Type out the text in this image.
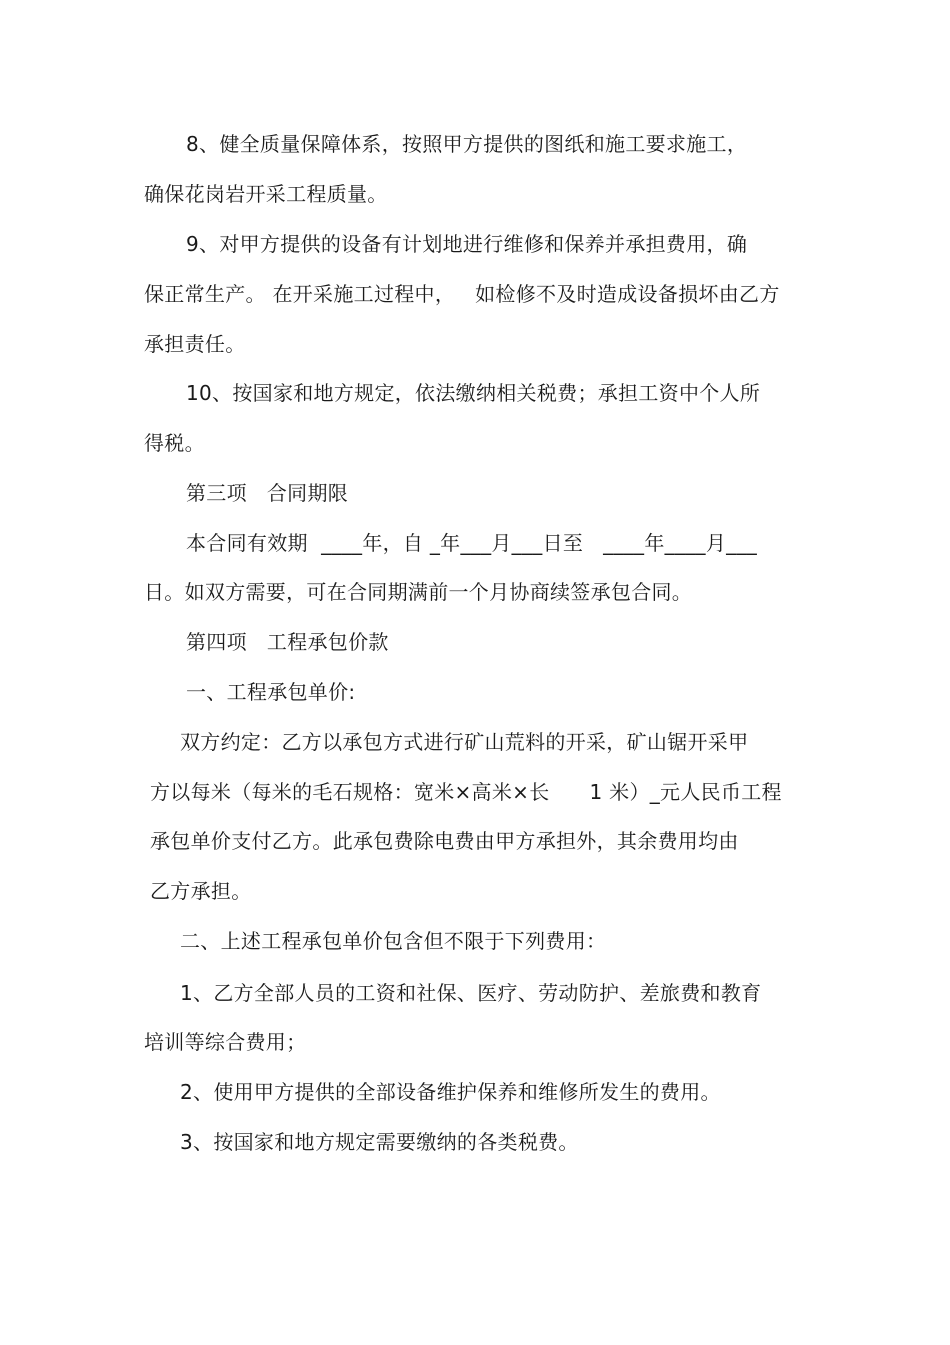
8、健全质量保障体系，按照甲方提供的图纸和施工要求施工，
确保花岗岩开采工程质量。
9、对甲方提供的设备有计划地进行维修和保养并承担费用，确
保正常生产。 在开采施工过程中，   如检修不及时造成设备损坏由乙方
承担责任。
10、按国家和地方规定，依法缴纳相关税费；承担工资中个人所
得税。
第三项   合同期限
本合同有效期  ____年，自 _年___月___日至   ____年____月___
日。如双方需要，可在合同期满前一个月协商续签承包合同。
第四项   工程承包价款
一、工程承包单价:
双方约定：乙方以承包方式进行矿山荒料的开采，矿山锯开采甲
方以每米（每米的毛石规格：宽米×高米×长      1 米）_元人民币工程
承包单价支付乙方。此承包费除电费由甲方承担外，其余费用均由
乙方承担。
二、上述工程承包单价包含但不限于下列费用：
1、乙方全部人员的工资和社保、医疗、劳动防护、差旅费和教育
培训等综合费用；
2、使用甲方提供的全部设备维护保养和维修所发生的费用。
3、按国家和地方规定需要缴纳的各类税费。
